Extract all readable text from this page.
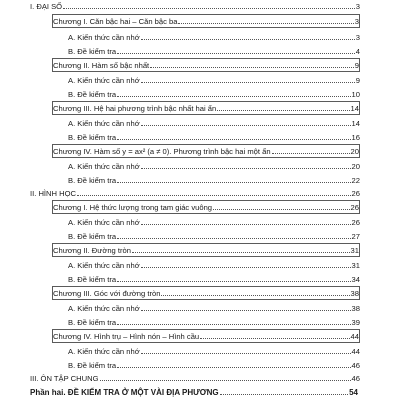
I. ĐẠI SỐ	3
Chương I. Căn bậc hai – Căn bậc ba	3
A. Kiến thức cần nhớ	3
B. Đề kiểm tra	4
Chương II. Hàm số bậc nhất	9
A. Kiến thức cần nhớ	9
B. Đề kiểm tra	10
Chương III. Hệ hai phương trình bậc nhất hai ẩn	14
A. Kiến thức cần nhớ	14
B. Đề kiểm tra	16
Chương IV. Hàm số y = ax² (a ≠ 0). Phương trình bậc hai một ẩn	20
A. Kiến thức cần nhớ	20
B. Đề kiểm tra	22
II. HÌNH HỌC	26
Chương I. Hệ thức lượng trong tam giác vuông	26
A. Kiến thức cần nhớ	26
B. Đề kiểm tra	27
Chương II. Đường tròn	31
A. Kiến thức cần nhớ	31
B. Đề kiểm tra	34
Chương III. Góc với đường tròn	38
A. Kiến thức cần nhớ	38
B. Đề kiểm tra	39
Chương IV. Hình trụ – Hình nón – Hình cầu	44
A. Kiến thức cần nhớ	44
B. Đề kiểm tra	46
III. ÔN TẬP CHUNG	46
Phần hai. ĐỀ KIỂM TRA Ở MỘT VÀI ĐỊA PHƯƠNG	54
